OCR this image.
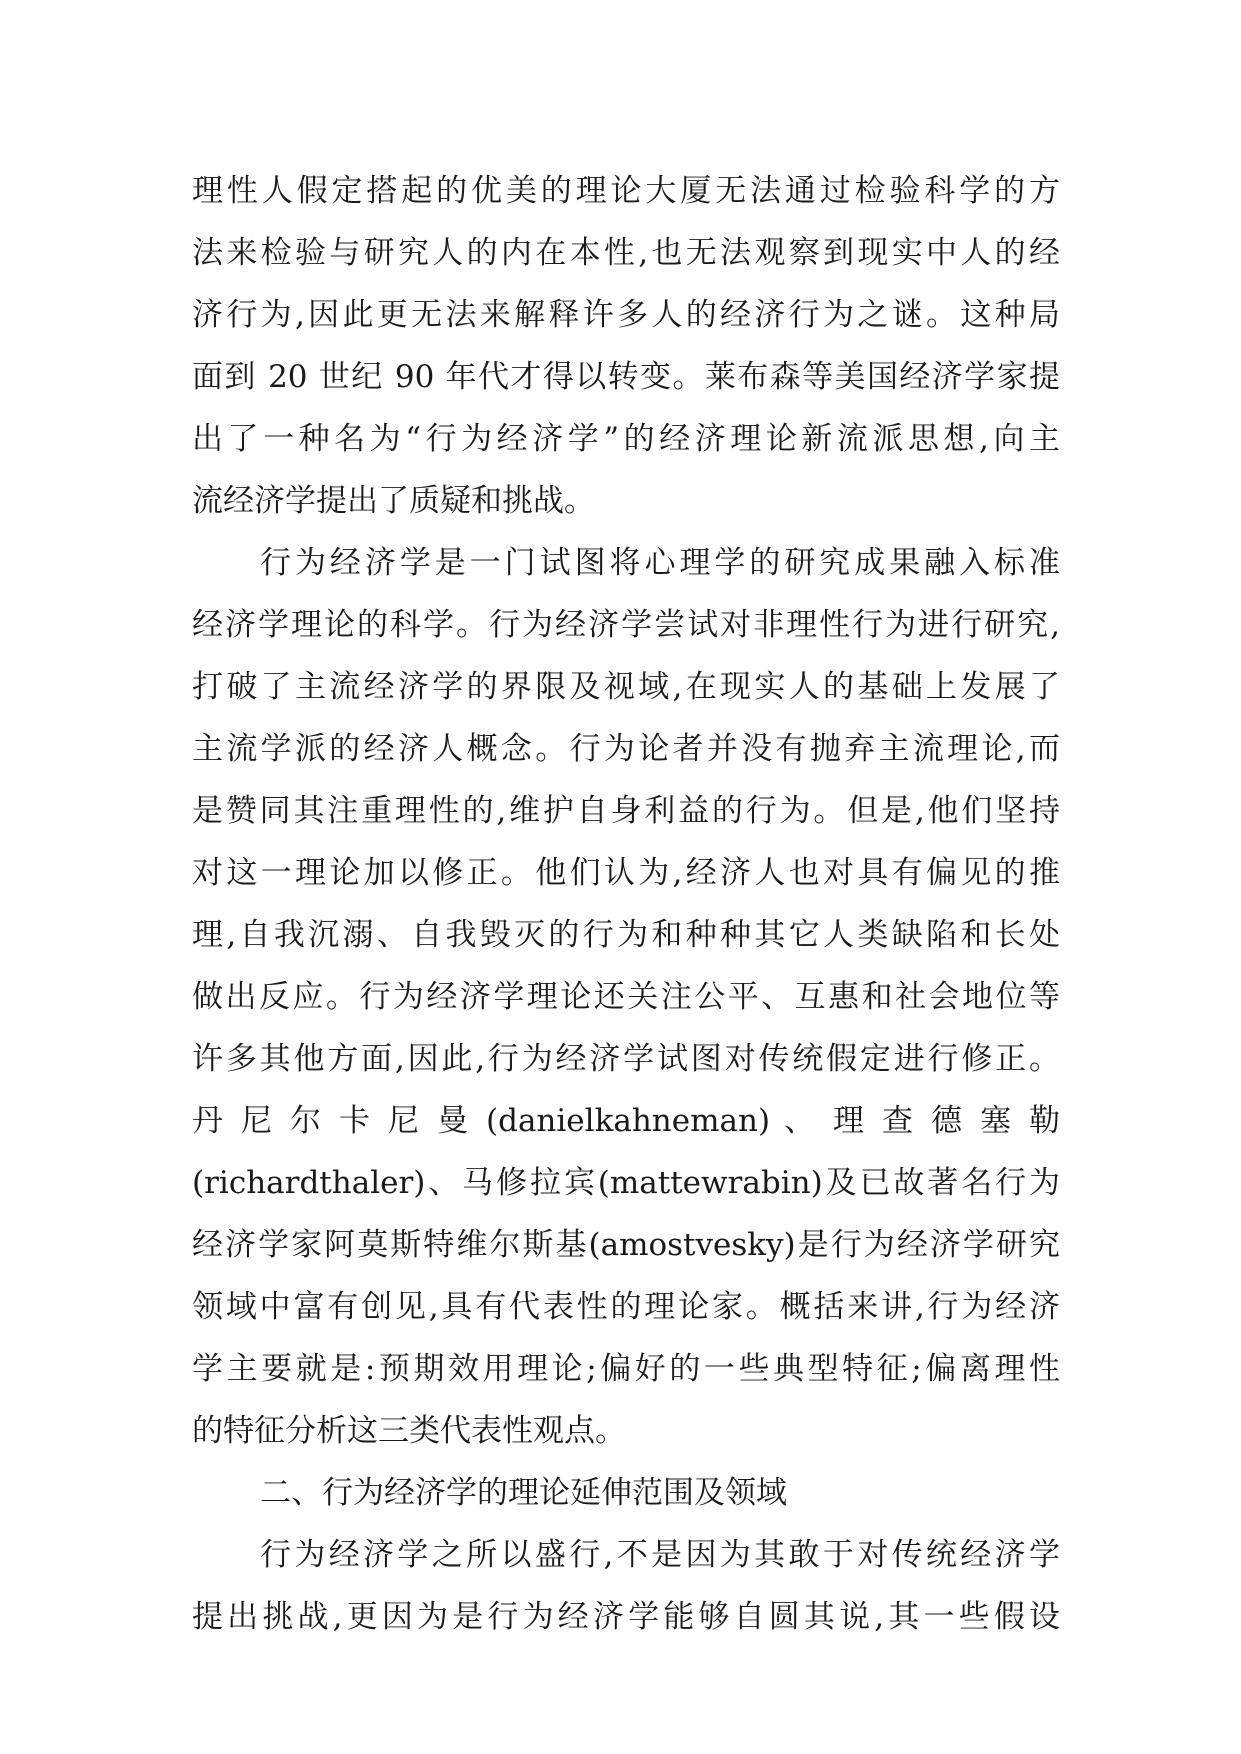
理性人假定搭起的优美的理论大厦无法通过检验科学的方
法来检验与研究人的内在本性,也无法观察到现实中人的经
济行为,因此更无法来解释许多人的经济行为之谜。这种局
面到 20 世纪 90 年代才得以转变。莱布森等美国经济学家提
出了一种名为“行为经济学”的经济理论新流派思想,向主
流经济学提出了质疑和挑战。
行为经济学是一门试图将心理学的研究成果融入标准
经济学理论的科学。行为经济学尝试对非理性行为进行研究,
打破了主流经济学的界限及视域,在现实人的基础上发展了
主流学派的经济人概念。行为论者并没有抛弃主流理论,而
是赞同其注重理性的,维护自身利益的行为。但是,他们坚持
对这一理论加以修正。他们认为,经济人也对具有偏见的推
理,自我沉溺、自我毁灭的行为和种种其它人类缺陷和长处
做出反应。行为经济学理论还关注公平、互惠和社会地位等
许多其他方面,因此,行为经济学试图对传统假定进行修正。
丹 尼 尔 卡 尼 曼 (danielkahneman) 、 理 查 德 塞 勒
(richardthaler)、马修拉宾(mattewrabin)及已故著名行为
经济学家阿莫斯特维尔斯基(amostvesky)是行为经济学研究
领域中富有创见,具有代表性的理论家。概括来讲,行为经济
学主要就是:预期效用理论;偏好的一些典型特征;偏离理性
的特征分析这三类代表性观点。
二、行为经济学的理论延伸范围及领域
行为经济学之所以盛行,不是因为其敢于对传统经济学
提出挑战,更因为是行为经济学能够自圆其说,其一些假设
